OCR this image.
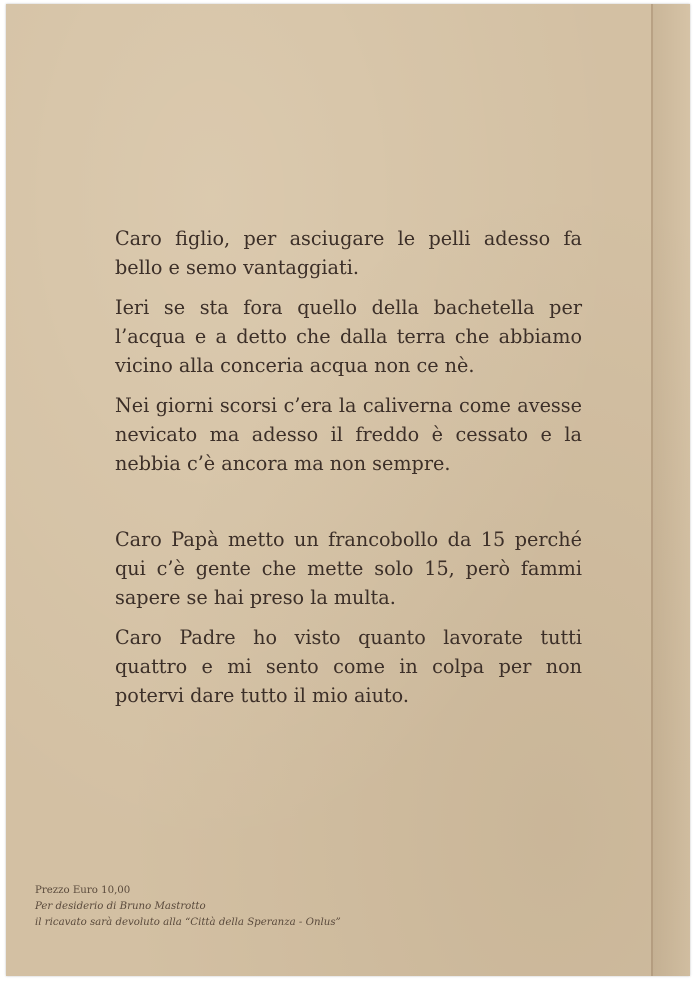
Caro figlio, per asciugare le pelli adesso fa bello e semo vantaggiati.

Ieri se sta fora quello della bachetella per l’acqua e a detto che dalla terra che abbiamo vicino alla conceria acqua non ce nè.

Nei giorni scorsi c’era la caliverna come avesse nevicato ma adesso il freddo è cessato e la nebbia c’è ancora ma non sempre.

Caro Papà metto un francobollo da 15 perché qui c’è gente che mette solo 15, però fammi sapere se hai preso la multa.

Caro Padre ho visto quanto lavorate tutti quattro e mi sento come in colpa per non potervi dare tutto il mio aiuto.

Prezzo Euro 10,00
Per desiderio di Bruno Mastrotto
il ricavato sarà devoluto alla “Città della Speranza - Onlus”
